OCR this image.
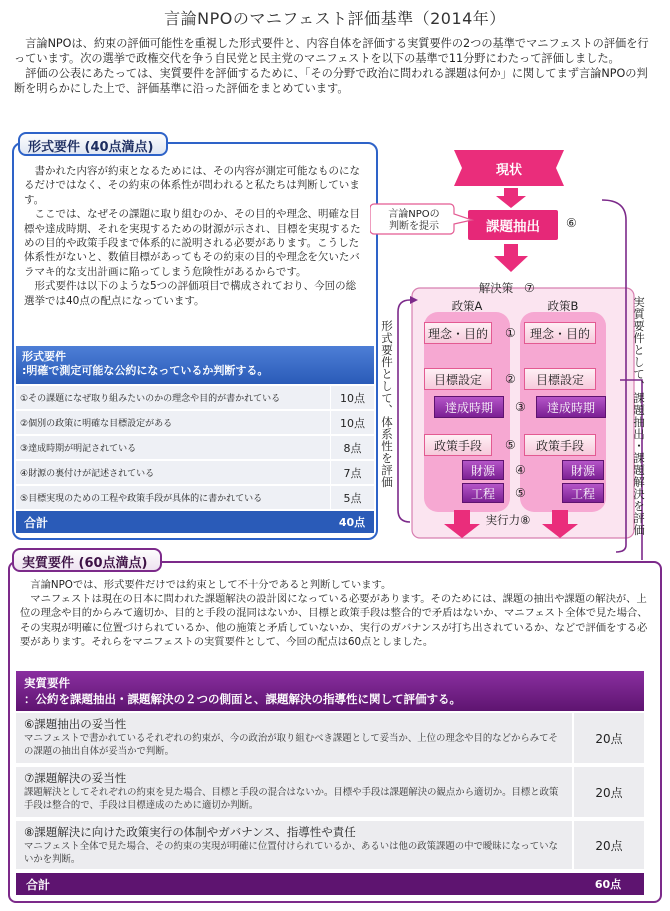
言論NPOのマニフェスト評価基準（2014年）

言論NPOは、約束の評価可能性を重視した形式要件と、内容自体を評価する実質要件の2つの基準でマニフェストの評価を行っています。次の選挙で政権交代を争う自民党と民主党のマニフェストを以下の基準で11分野にわたって評価しました。

評価の公表にあたっては、実質要件を評価するために、「その分野で政治に問われる課題は何か」に関してまず言論NPOの判断を明らかにした上で、評価基準に沿った評価をまとめています。

形式要件 (40点満点)

書かれた内容が約束となるためには、その内容が測定可能なものになるだけではなく、その約束の体系性が問われると私たちは判断しています。

ここでは、なぜその課題に取り組むのか、その目的や理念、明確な目標や達成時期、それを実現するための財源が示され、目標を実現するための目的や政策手段まで体系的に説明される必要があります。こうした体系性がないと、数値目標があってもその約束の目的や理念を欠いたバラマキ的な支出計画に陥ってしまう危険性があるからです。

形式要件は以下のような5つの評価項目で構成されており、今回の総選挙では40点の配点になっています。

形式要件
:明確で測定可能な公約になっているか判断する。
①その課題になぜ取り組みたいのかの理念や目的が書かれている	10点
②個別の政策に明確な目標設定がある	10点
③達成時期が明記されている	8点
④財源の裏付けが記述されている	7点
⑤目標実現のための工程や政策手段が具体的に書かれている	5点
合計	40点
現状
課題抽出	⑥
言論NPOの
判断を提示
解決策 ⑦
政策A	政策B
理念・目的
目標設定
達成時期
政策手段
財源
工程
理念・目的
目標設定
達成時期
政策手段
財源
工程
①
②
③
⑤
④
⑤
実行力⑧
形式要件として、体系性を評価	実質要件として、課題抽出・課題解決を評価
実質要件 (60点満点)

言論NPOでは、形式要件だけでは約束として不十分であると判断しています。

マニフェストは現在の日本に問われた課題解決の設計図になっている必要があります。そのためには、課題の抽出や課題の解決が、上位の理念や目的からみて適切か、目的と手段の混同はないか、目標と政策手段は整合的で矛盾はないか、マニフェスト全体で見た場合、その実現が明確に位置づけられているか、他の施策と矛盾していないか、実行のガバナンスが打ち出されているか、などで評価をする必要があります。それらをマニフェストの実質要件として、今回の配点は60点としました。

実質要件
：公約を課題抽出・課題解決の２つの側面と、課題解決の指導性に関して評価する。
⑥課題抽出の妥当性
マニフェストで書かれているそれぞれの約束が、今の政治が取り組むべき課題として妥当か、上位の理念や目的などからみてその課題の抽出自体が妥当かで判断。
20点
⑦課題解決の妥当性
課題解決としてそれぞれの約束を見た場合、目標と手段の混合はないか。目標や手段は課題解決の観点から適切か。目標と政策手段は整合的で、手段は目標達成のために適切か判断。
20点
⑧課題解決に向けた政策実行の体制やガバナンス、指導性や責任
マニフェスト全体で見た場合、その約束の実現が明確に位置付けられているか、あるいは他の政策課題の中で曖昧になっていないかを判断。
20点
合計	60点
